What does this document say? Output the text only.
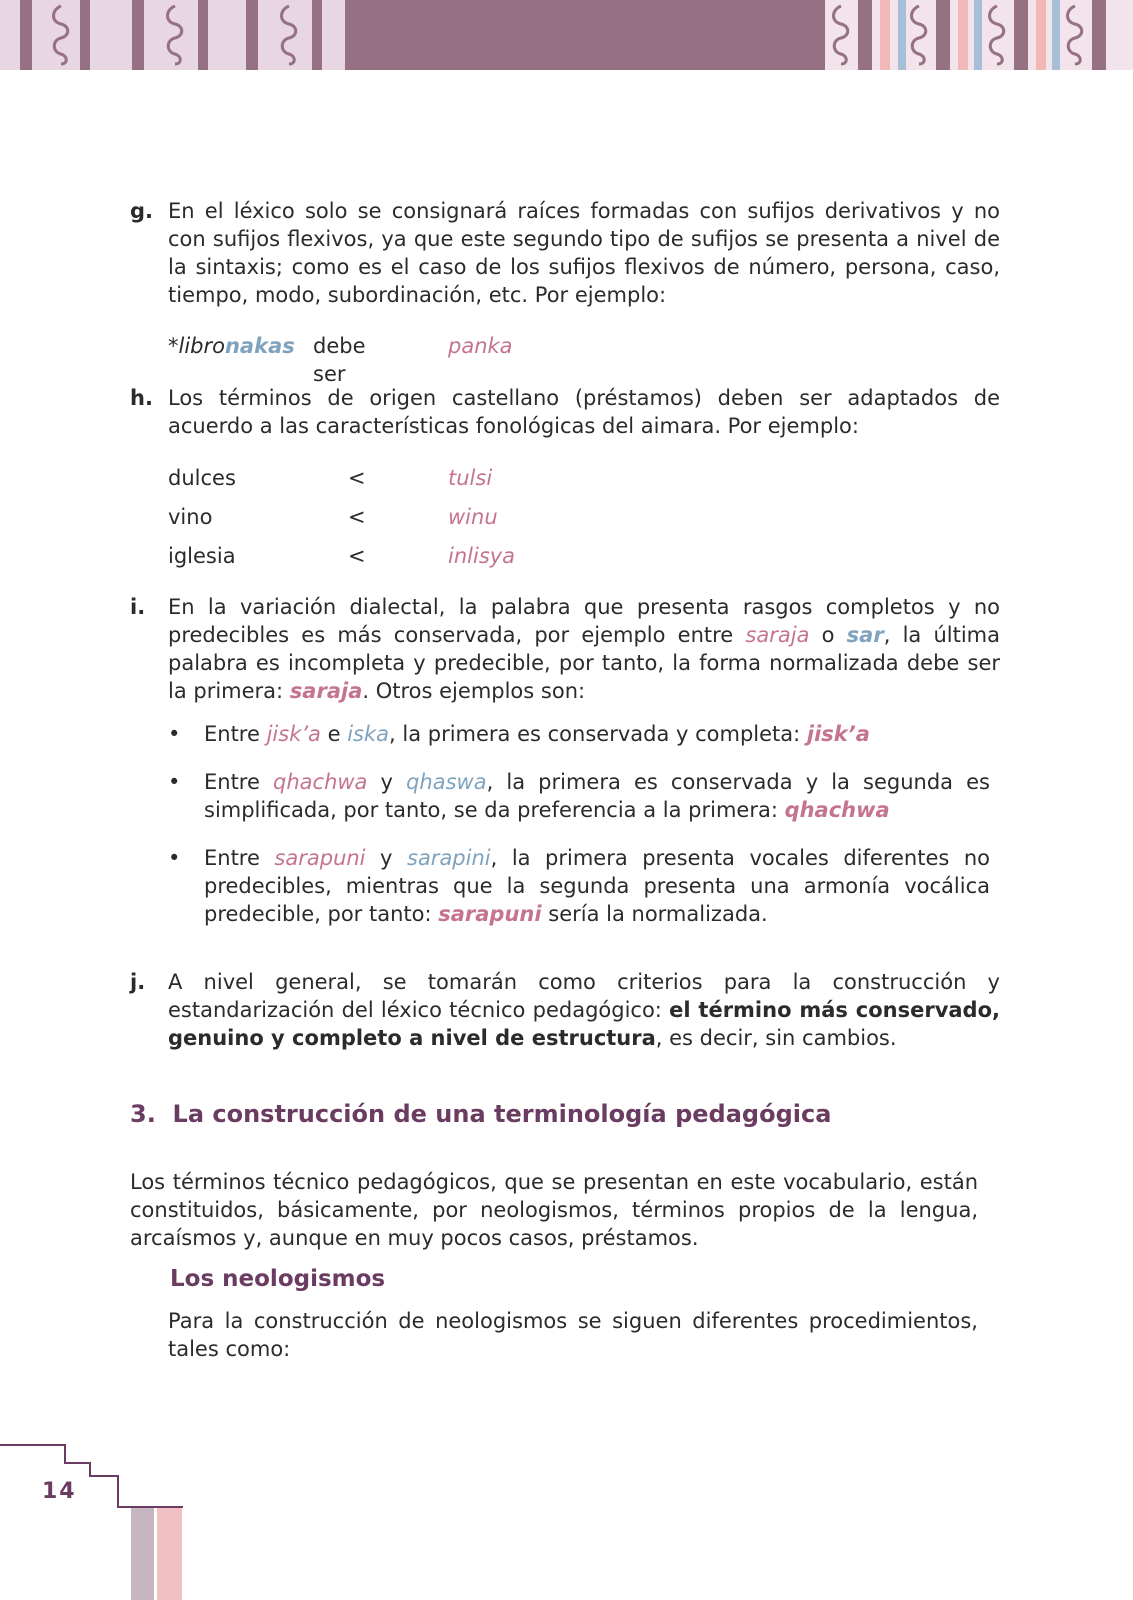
g. En el léxico solo se consignará raíces formadas con sufijos derivativos y no con sufijos flexivos, ya que este segundo tipo de sufijos se presenta a nivel de la sintaxis; como es el caso de los sufijos flexivos de número, persona, caso, tiempo, modo, subordinación, etc. Por ejemplo:
*libronakas debe ser
panka
h. Los términos de origen castellano (préstamos) deben ser adaptados de acuerdo a las características fonológicas del aimara. Por ejemplo:
dulces	<	tulsi
vino	<	winu
iglesia	<	inlisya
i. En la variación dialectal, la palabra que presenta rasgos completos y no predecibles es más conservada, por ejemplo entre saraja o sar, la última palabra es incompleta y predecible, por tanto, la forma normalizada debe ser la primera: saraja. Otros ejemplos son:
• Entre jisk’a e iska, la primera es conservada y completa: jisk’a
• Entre qhachwa y qhaswa, la primera es conservada y la segunda es simplificada, por tanto, se da preferencia a la primera: qhachwa
• Entre sarapuni y sarapini, la primera presenta vocales diferentes no predecibles, mientras que la segunda presenta una armonía vocálica predecible, por tanto: sarapuni sería la normalizada.
j. A nivel general, se tomarán como criterios para la construcción y estandarización del léxico técnico pedagógico: el término más conservado, genuino y completo a nivel de estructura, es decir, sin cambios.
3.  La construcción de una terminología pedagógica
Los términos técnico pedagógicos, que se presentan en este vocabulario, están constituidos, básicamente, por neologismos, términos propios de la lengua, arcaísmos y, aunque en muy pocos casos, préstamos.
Los neologismos
Para la construcción de neologismos se siguen diferentes procedimientos, tales como:
14
